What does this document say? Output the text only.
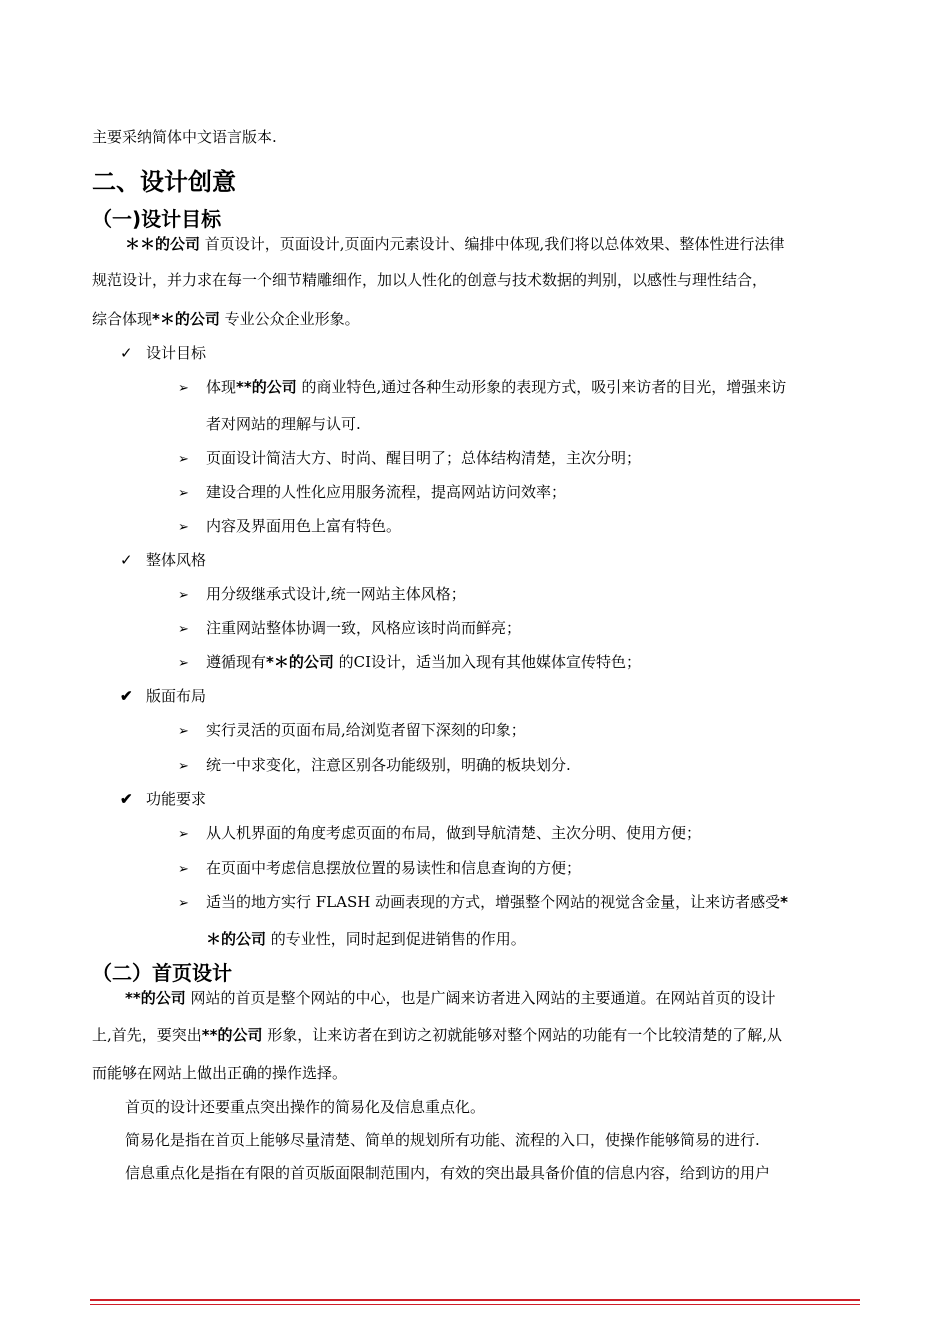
主要采纳简体中文语言版本.
二、设计创意
（一)设计目标
＊＊的公司 首页设计，页面设计,页面内元素设计、编排中体现,我们将以总体效果、整体性进行法律
规范设计，并力求在每一个细节精雕细作，加以人性化的创意与技术数据的判别，以感性与理性结合，
综合体现*＊的公司 专业公众企业形象。
✓ 设计目标
➢ 体现**的公司 的商业特色,通过各种生动形象的表现方式，吸引来访者的目光，增强来访
者对网站的理解与认可.
➢ 页面设计简洁大方、时尚、醒目明了；总体结构清楚，主次分明；
➢ 建设合理的人性化应用服务流程，提高网站访问效率；
➢ 内容及界面用色上富有特色。
✓ 整体风格
➢ 用分级继承式设计,统一网站主体风格；
➢ 注重网站整体协调一致，风格应该时尚而鲜亮；
➢ 遵循现有*＊的公司 的CI设计，适当加入现有其他媒体宣传特色；
✔ 版面布局
➢ 实行灵活的页面布局,给浏览者留下深刻的印象；
➢ 统一中求变化，注意区别各功能级别，明确的板块划分.
✔ 功能要求
➢ 从人机界面的角度考虑页面的布局，做到导航清楚、主次分明、使用方便；
➢ 在页面中考虑信息摆放位置的易读性和信息查询的方便；
➢ 适当的地方实行 FLASH 动画表现的方式，增强整个网站的视觉含金量，让来访者感受*
＊的公司 的专业性，同时起到促进销售的作用。
（二）首页设计
**的公司 网站的首页是整个网站的中心，也是广阔来访者进入网站的主要通道。在网站首页的设计
上,首先，要突出**的公司 形象，让来访者在到访之初就能够对整个网站的功能有一个比较清楚的了解,从
而能够在网站上做出正确的操作选择。
首页的设计还要重点突出操作的简易化及信息重点化。
简易化是指在首页上能够尽量清楚、简单的规划所有功能、流程的入口，使操作能够简易的进行.
信息重点化是指在有限的首页版面限制范围内，有效的突出最具备价值的信息内容，给到访的用户
